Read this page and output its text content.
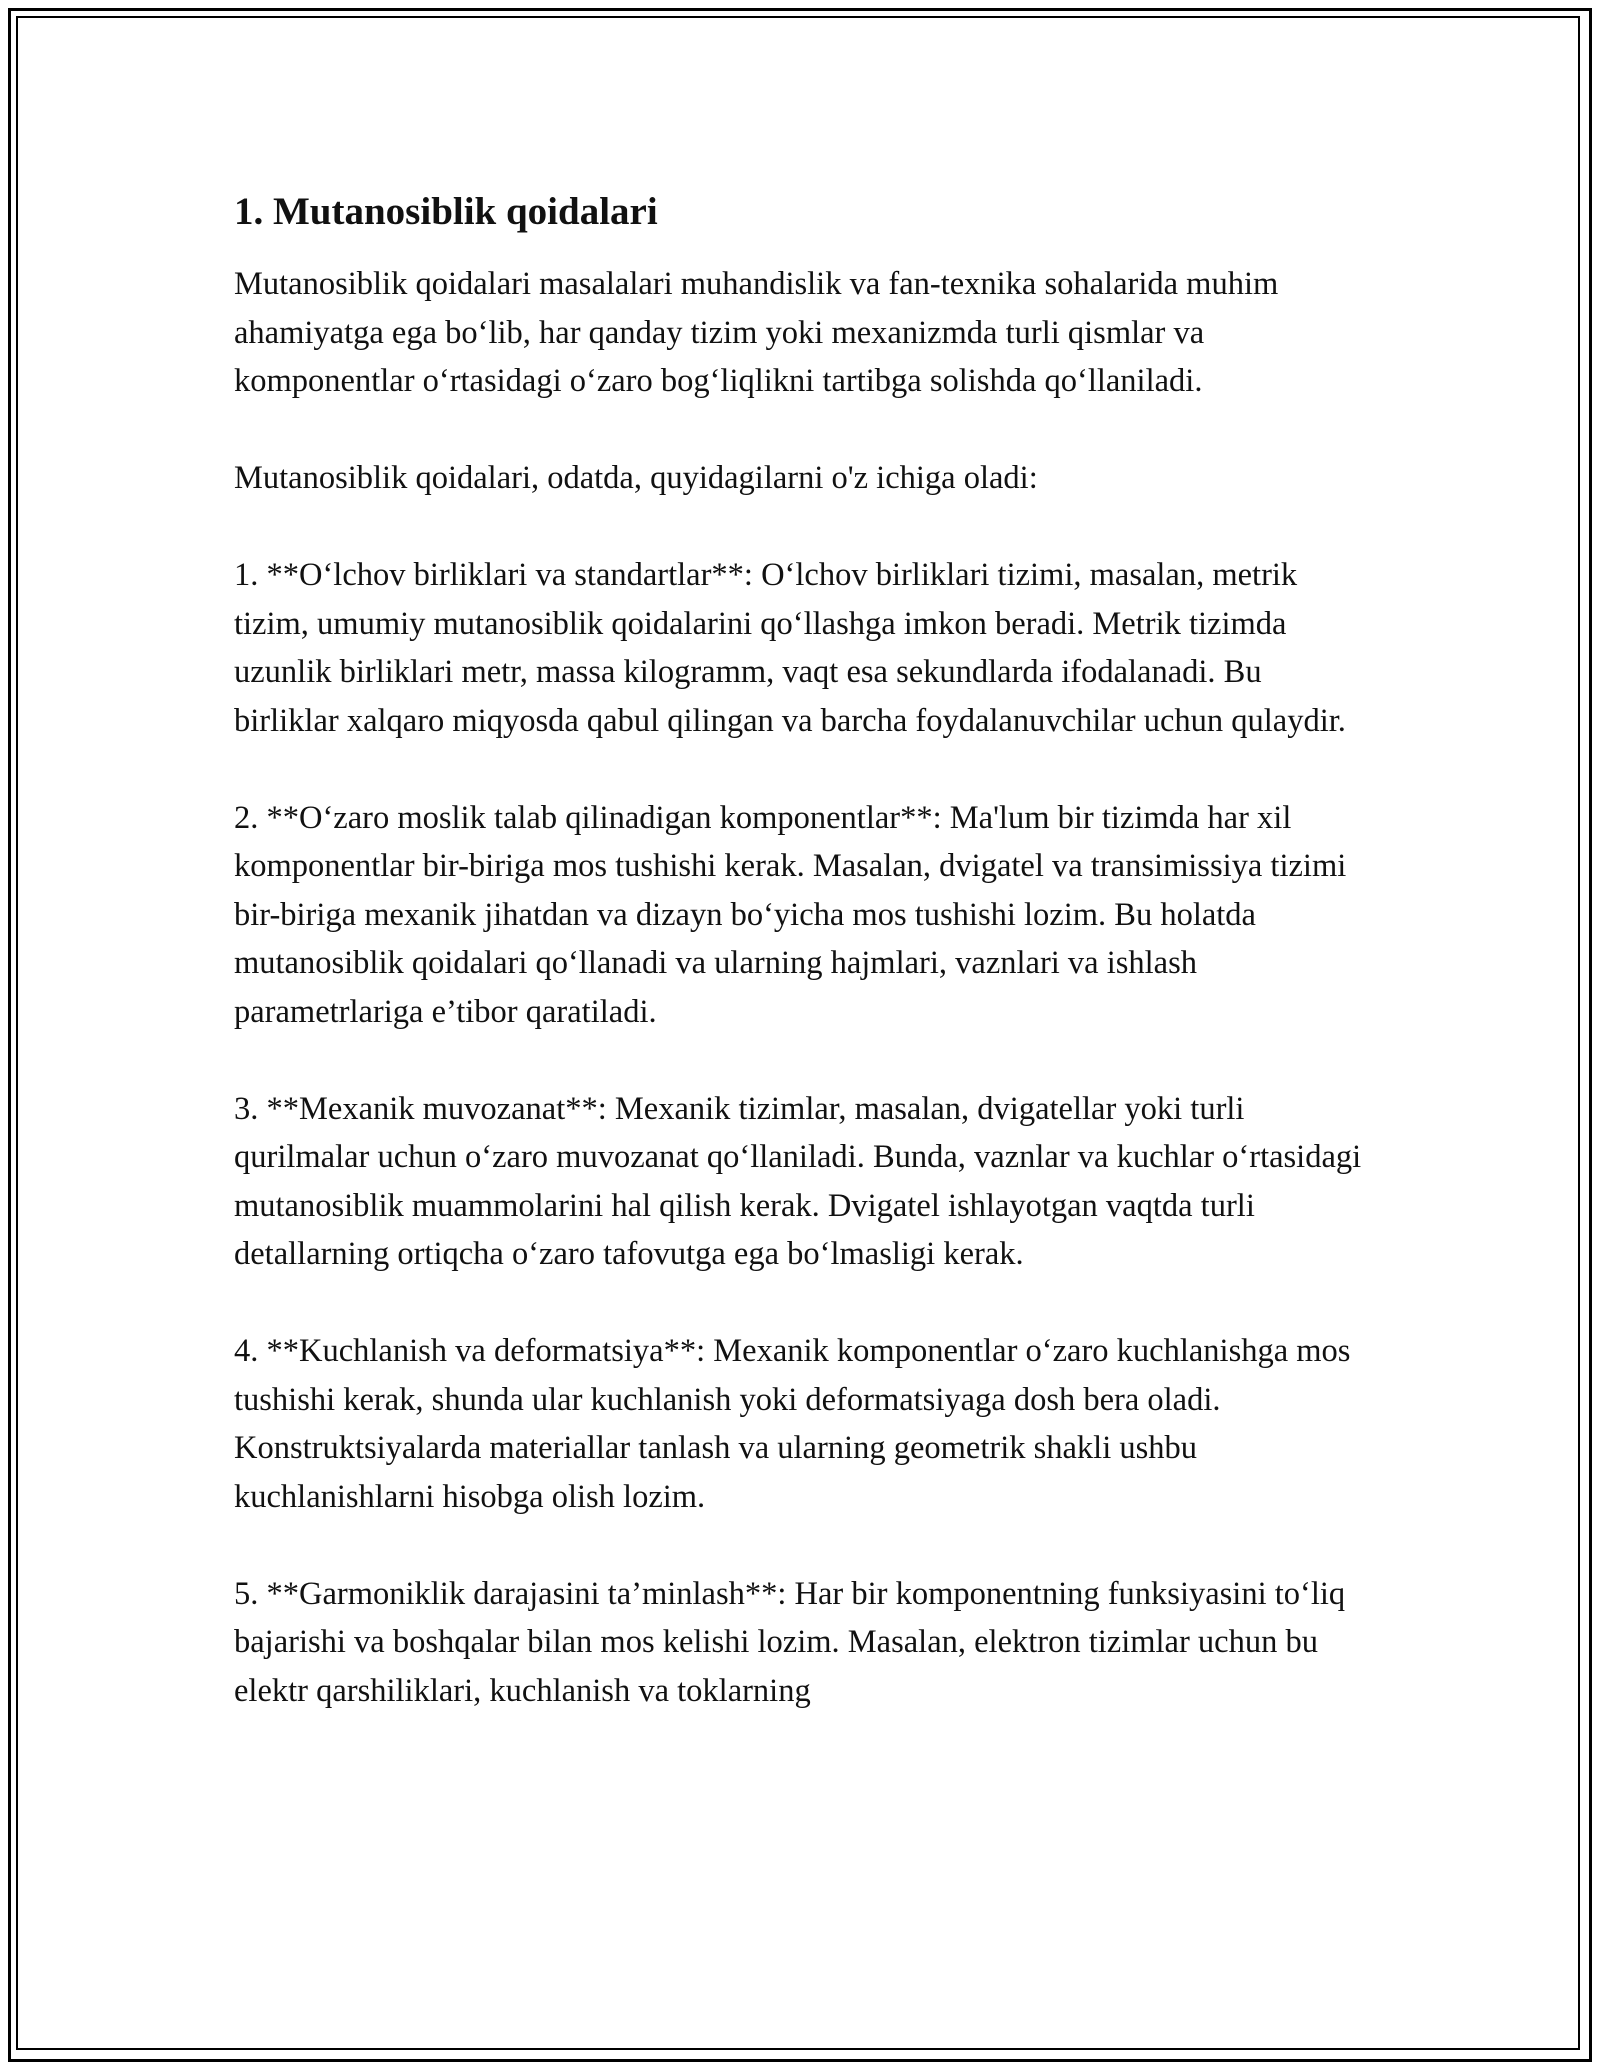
1. Mutanosiblik qoidalari
Mutanosiblik qoidalari masalalari muhandislik va fan-texnika sohalarida muhim ahamiyatga ega bo‘lib, har qanday tizim yoki mexanizmda turli qismlar va komponentlar o‘rtasidagi o‘zaro bog‘liqlikni tartibga solishda qo‘llaniladi.
Mutanosiblik qoidalari, odatda, quyidagilarni o'z ichiga oladi:
1. **O‘lchov birliklari va standartlar**: O‘lchov birliklari tizimi, masalan, metrik tizim, umumiy mutanosiblik qoidalarini qo‘llashga imkon beradi. Metrik tizimda uzunlik birliklari metr, massa kilogramm, vaqt esa sekundlarda ifodalanadi. Bu birliklar xalqaro miqyosda qabul qilingan va barcha foydalanuvchilar uchun qulaydir.
2. **O‘zaro moslik talab qilinadigan komponentlar**: Ma'lum bir tizimda har xil komponentlar bir-biriga mos tushishi kerak. Masalan, dvigatel va transimissiya tizimi bir-biriga mexanik jihatdan va dizayn bo‘yicha mos tushishi lozim. Bu holatda mutanosiblik qoidalari qo‘llanadi va ularning hajmlari, vaznlari va ishlash parametrlariga e’tibor qaratiladi.
3. **Mexanik muvozanat**: Mexanik tizimlar, masalan, dvigatellar yoki turli qurilmalar uchun o‘zaro muvozanat qo‘llaniladi. Bunda, vaznlar va kuchlar o‘rtasidagi mutanosiblik muammolarini hal qilish kerak. Dvigatel ishlayotgan vaqtda turli detallarning ortiqcha o‘zaro tafovutga ega bo‘lmasligi kerak.
4. **Kuchlanish va deformatsiya**: Mexanik komponentlar o‘zaro kuchlanishga mos tushishi kerak, shunda ular kuchlanish yoki deformatsiyaga dosh bera oladi. Konstruktsiyalarda materiallar tanlash va ularning geometrik shakli ushbu kuchlanishlarni hisobga olish lozim.
5. **Garmoniklik darajasini ta’minlash**: Har bir komponentning funksiyasini to‘liq bajarishi va boshqalar bilan mos kelishi lozim. Masalan, elektron tizimlar uchun bu elektr qarshiliklari, kuchlanish va toklarning
